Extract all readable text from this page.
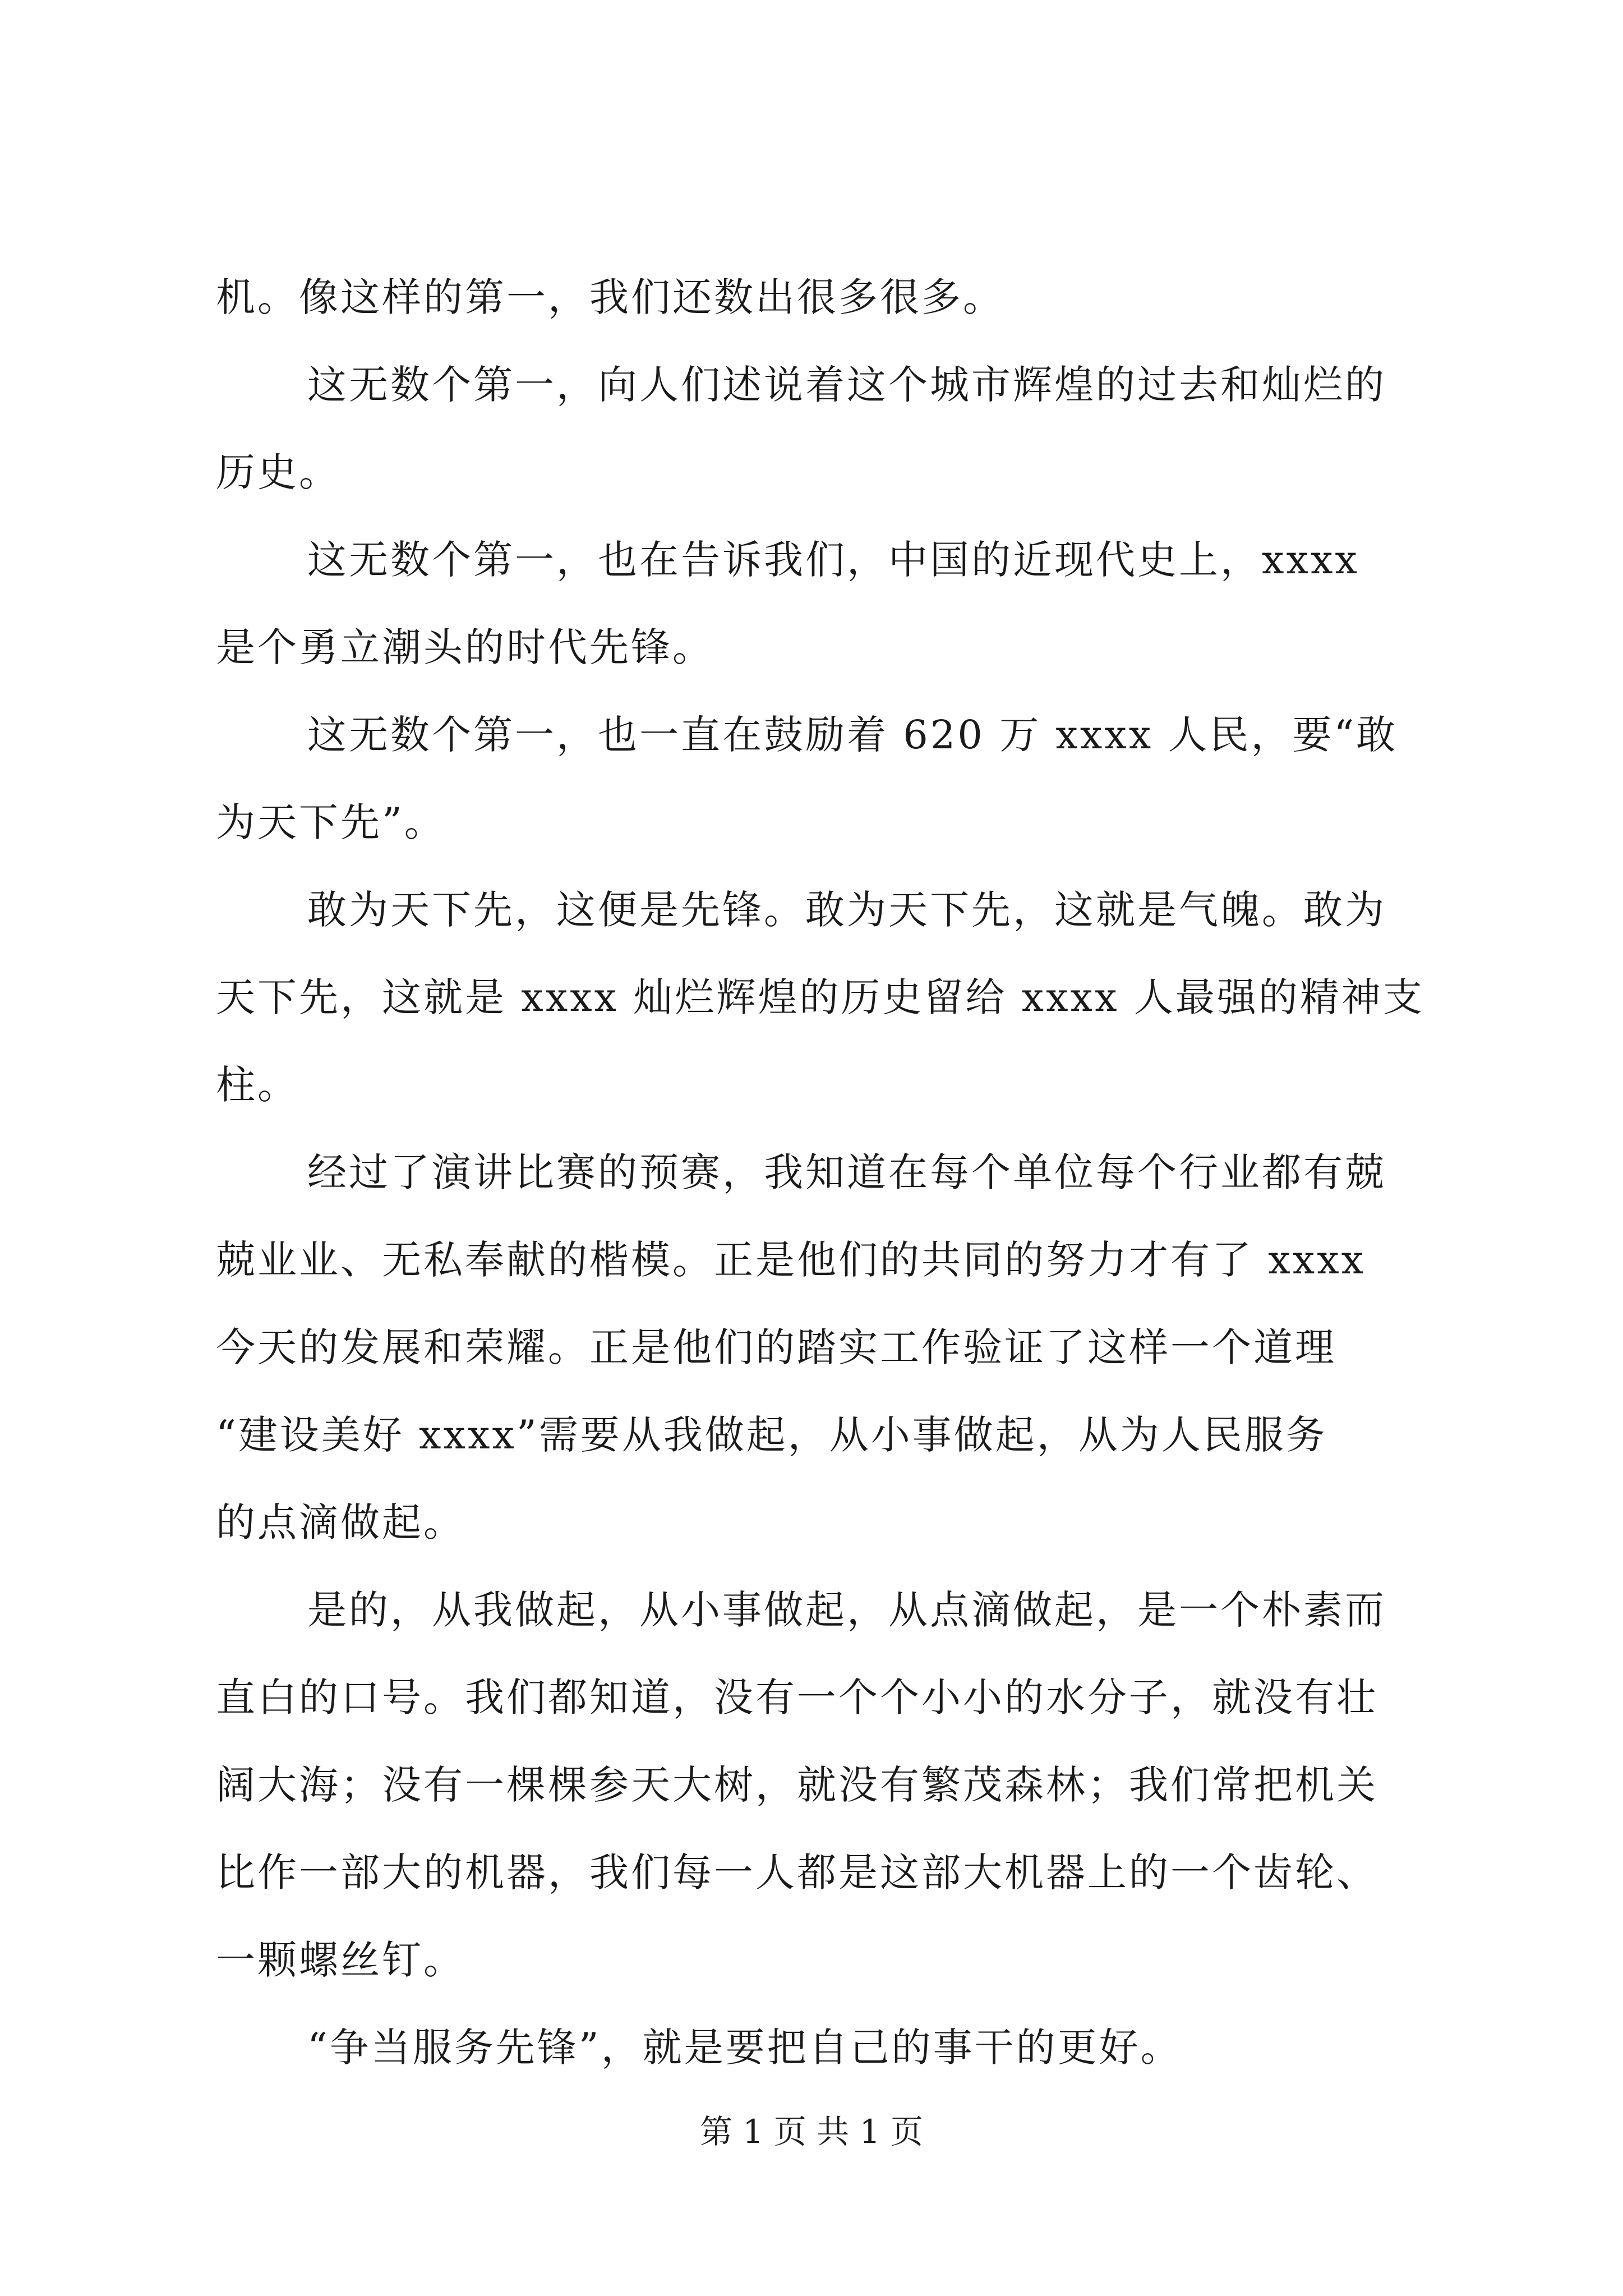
机。像这样的第一，我们还数出很多很多。
这无数个第一，向人们述说着这个城市辉煌的过去和灿烂的
历史。
这无数个第一，也在告诉我们，中国的近现代史上，xxxx
是个勇立潮头的时代先锋。
这无数个第一，也一直在鼓励着 620 万 xxxx 人民，要“敢
为天下先”。
敢为天下先，这便是先锋。敢为天下先，这就是气魄。敢为
天下先，这就是 xxxx 灿烂辉煌的历史留给 xxxx 人最强的精神支
柱。
经过了演讲比赛的预赛，我知道在每个单位每个行业都有兢
兢业业、无私奉献的楷模。正是他们的共同的努力才有了 xxxx
今天的发展和荣耀。正是他们的踏实工作验证了这样一个道理
“建设美好 xxxx”需要从我做起，从小事做起，从为人民服务
的点滴做起。
是的，从我做起，从小事做起，从点滴做起，是一个朴素而
直白的口号。我们都知道，没有一个个小小的水分子，就没有壮
阔大海；没有一棵棵参天大树，就没有繁茂森林；我们常把机关
比作一部大的机器，我们每一人都是这部大机器上的一个齿轮、
一颗螺丝钉。
“争当服务先锋”，就是要把自己的事干的更好。
第 1 页 共 1 页
